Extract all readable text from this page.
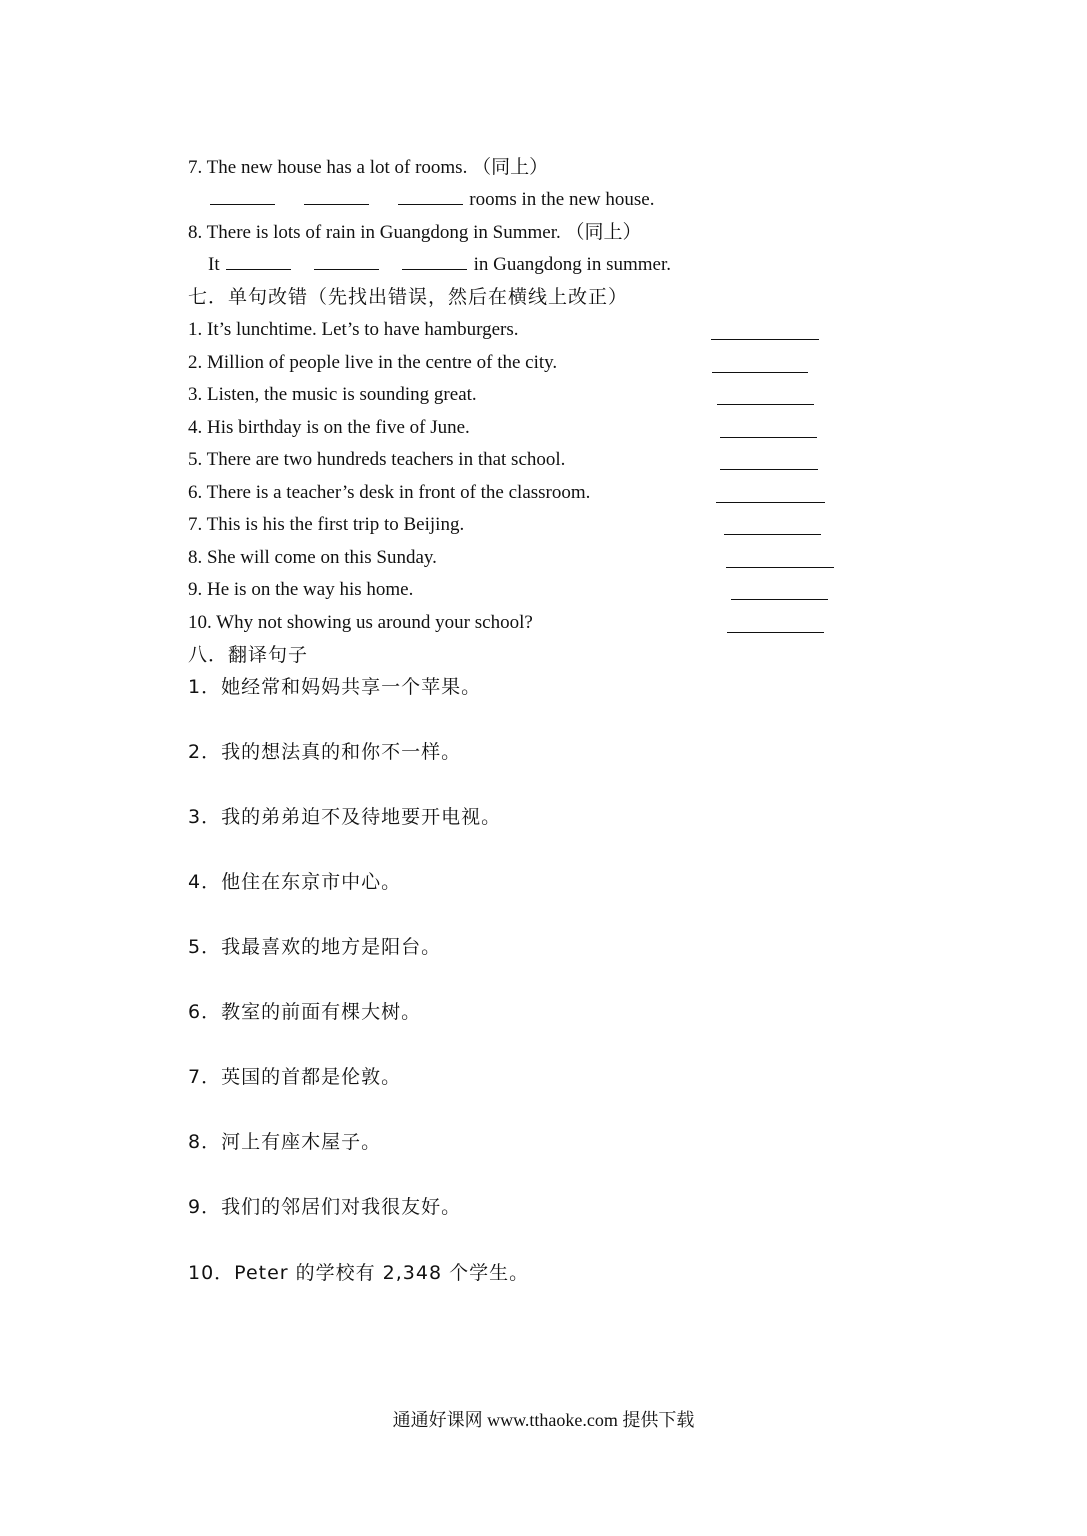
7. The new house has a lot of rooms. （同上）
rooms in the new house.
8. There is lots of rain in Guangdong in Summer. （同上）
It	in Guangdong in summer.
七．单句改错（先找出错误，然后在横线上改正）
1. It’s lunchtime. Let’s to have hamburgers.
2. Million of people live in the centre of the city.
3. Listen, the music is sounding great.
4. His birthday is on the five of June.
5. There are two hundreds teachers in that school.
6. There is a teacher’s desk in front of the classroom.
7. This is his the first trip to Beijing.
8. She will come on this Sunday.
9. He is on the way his home.
10. Why not showing us around your school?
八．翻译句子
1．她经常和妈妈共享一个苹果。
2．我的想法真的和你不一样。
3．我的弟弟迫不及待地要开电视。
4．他住在东京市中心。
5．我最喜欢的地方是阳台。
6．教室的前面有棵大树。
7．英国的首都是伦敦。
8．河上有座木屋子。
9．我们的邻居们对我很友好。
10．Peter 的学校有 2,348 个学生。
通通好课网 www.tthaoke.com 提供下载
